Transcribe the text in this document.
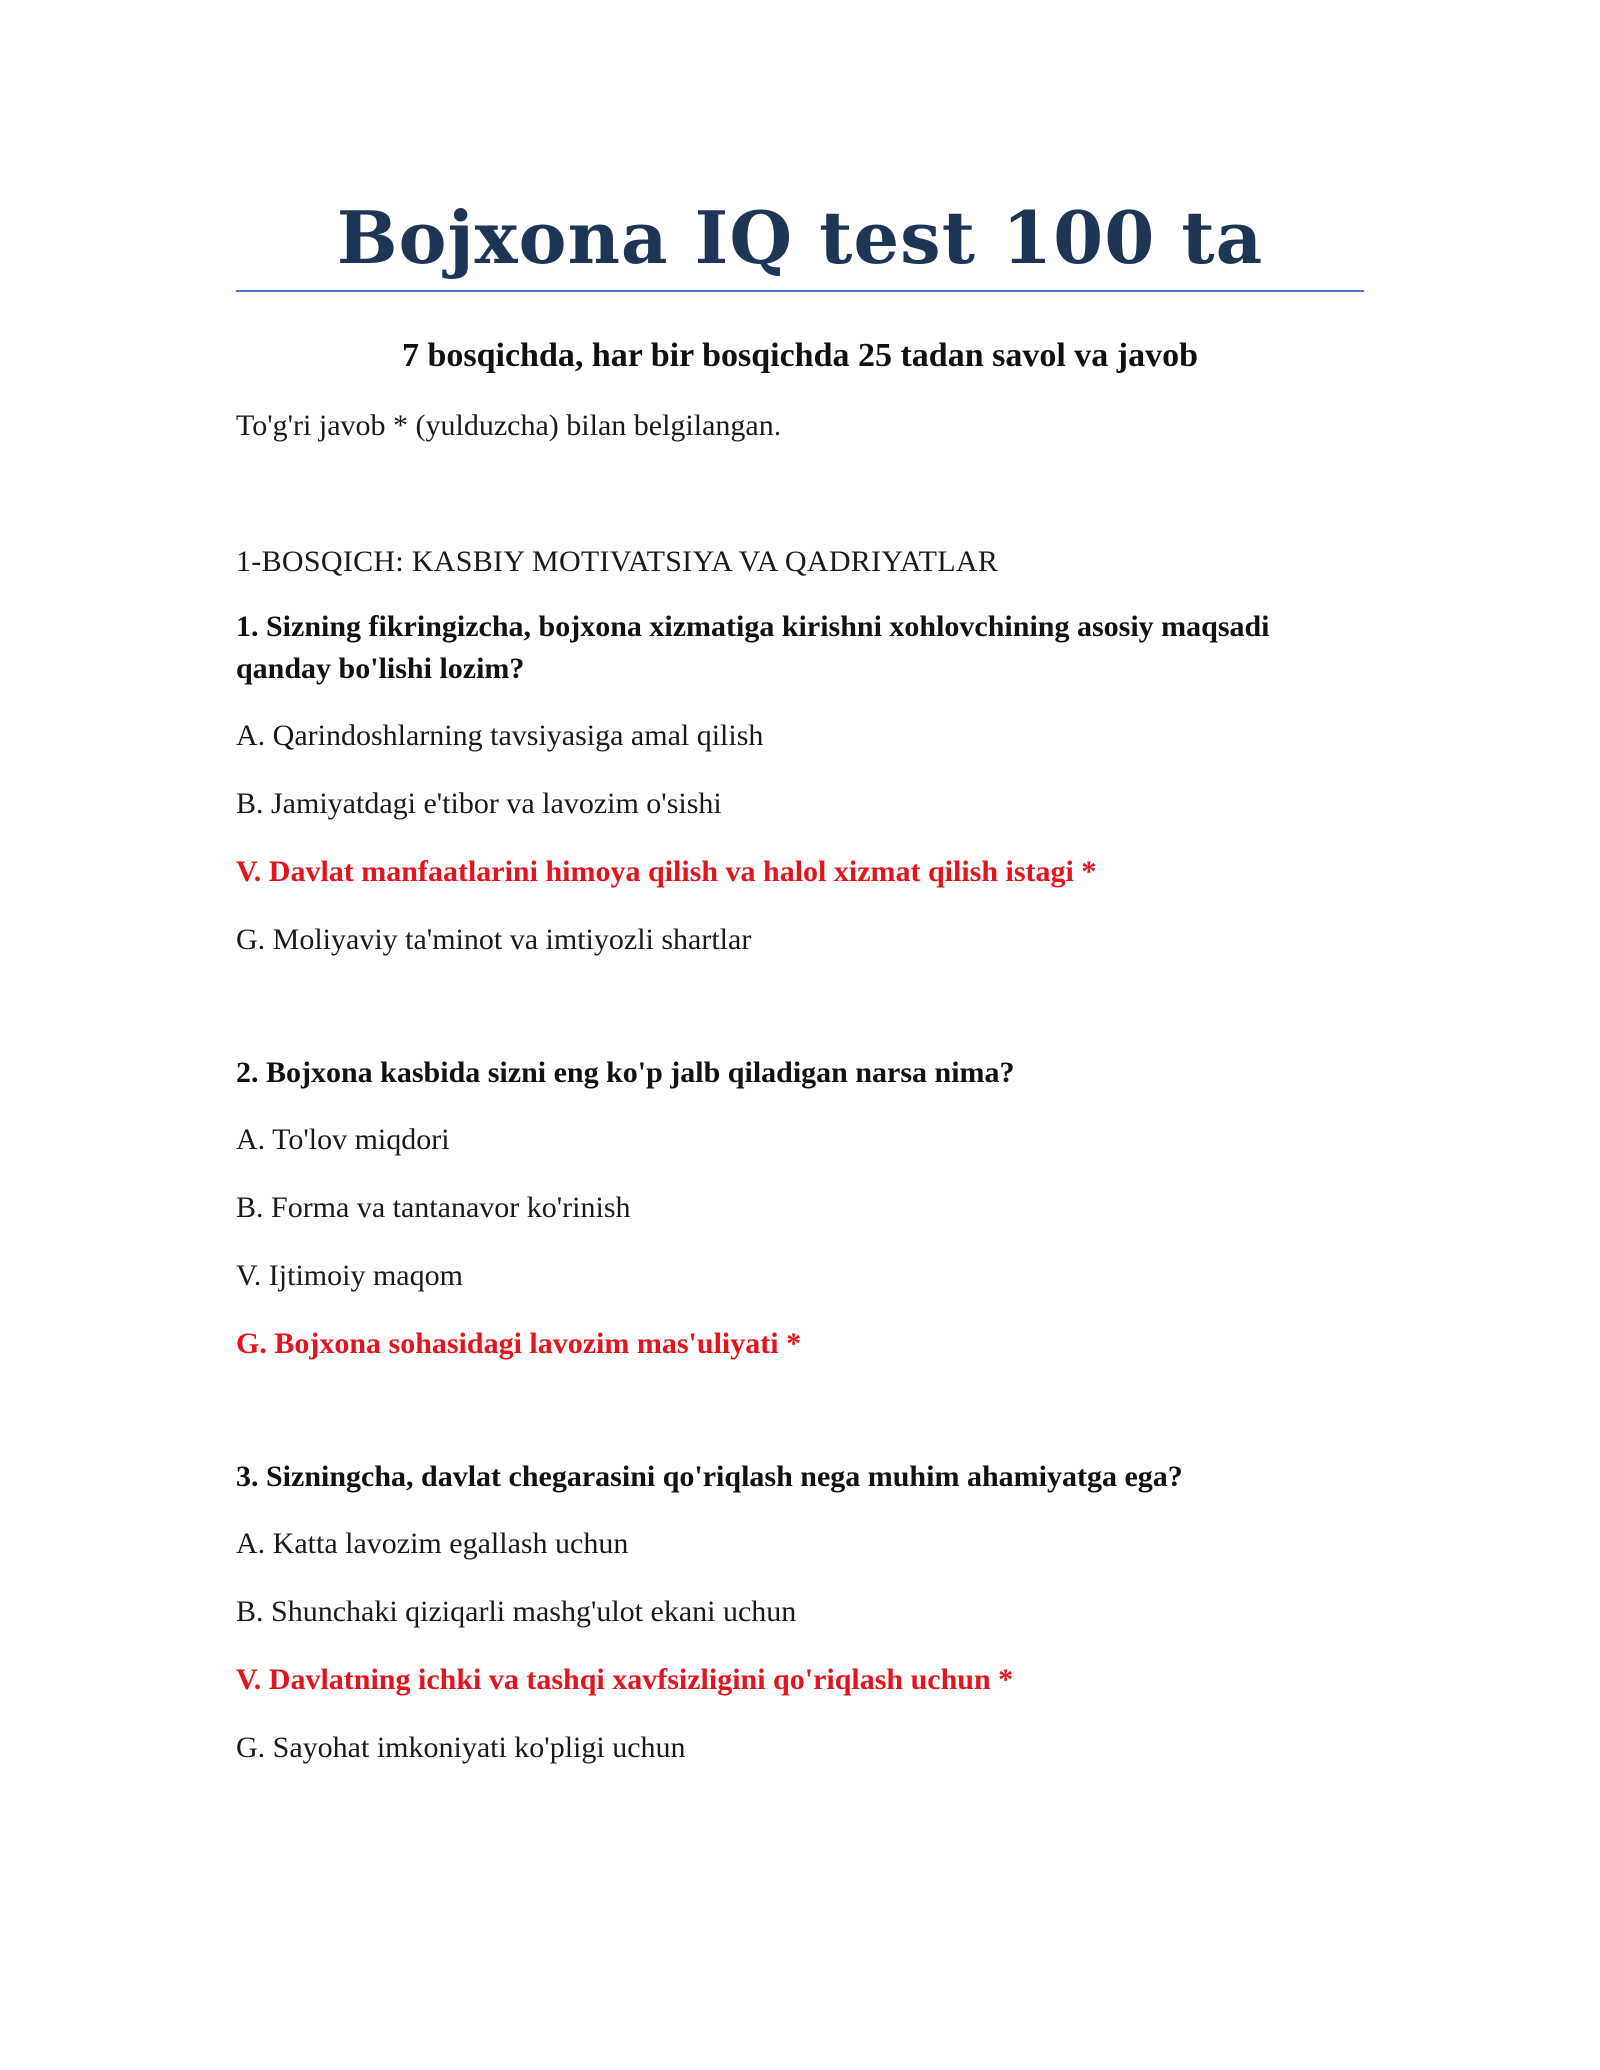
Bojxona IQ test 100 ta
7 bosqichda, har bir bosqichda 25 tadan savol va javob
To'g'ri javob * (yulduzcha) bilan belgilangan.
1-BOSQICH: KASBIY MOTIVATSIYA VA QADRIYATLAR

1. Sizning fikringizcha, bojxona xizmatiga kirishni xohlovchining asosiy maqsadi qanday bo'lishi lozim?

A. Qarindoshlarning tavsiyasiga amal qilish
B. Jamiyatdagi e'tibor va lavozim o'sishi
V. Davlat manfaatlarini himoya qilish va halol xizmat qilish istagi *
G. Moliyaviy ta'minot va imtiyozli shartlar

2. Bojxona kasbida sizni eng ko'p jalb qiladigan narsa nima?

A. To'lov miqdori
B. Forma va tantanavor ko'rinish
V. Ijtimoiy maqom
G. Bojxona sohasidagi lavozim mas'uliyati *

3. Sizningcha, davlat chegarasini qo'riqlash nega muhim ahamiyatga ega?

A. Katta lavozim egallash uchun
B. Shunchaki qiziqarli mashg'ulot ekani uchun
V. Davlatning ichki va tashqi xavfsizligini qo'riqlash uchun *
G. Sayohat imkoniyati ko'pligi uchun
